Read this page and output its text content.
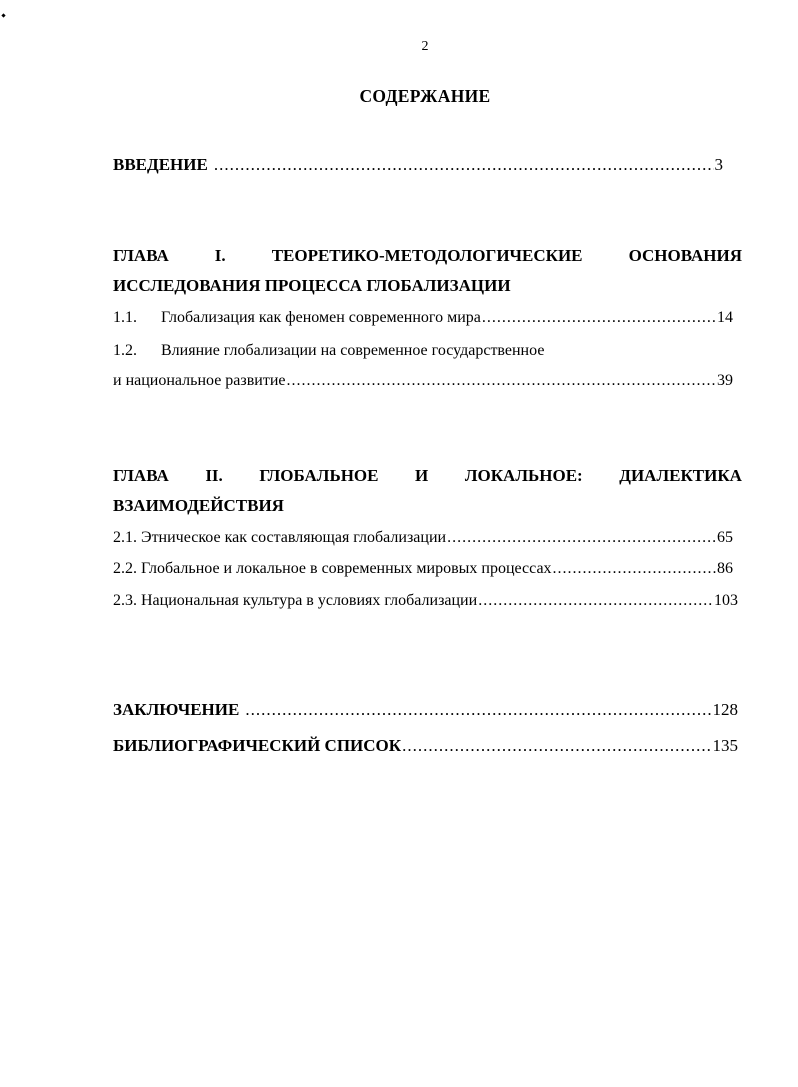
2
СОДЕРЖАНИЕ
ВВЕДЕНИЕ .....	3
ГЛАВА	I.	ТЕОРЕТИКО-МЕТОДОЛОГИЧЕСКИЕ	ОСНОВАНИЯ
ИССЛЕДОВАНИЯ ПРОЦЕССА ГЛОБАЛИЗАЦИИ
1.1. Глобализация как феномен современного мира .....	14
1.2. Влияние глобализации на современное государственное
и национальное развитие .....	39
ГЛАВА II. ГЛОБАЛЬНОЕ И ЛОКАЛЬНОЕ: ДИАЛЕКТИКА
ВЗАИМОДЕЙСТВИЯ
2.1. Этническое как составляющая глобализации .....	65
2.2. Глобальное и локальное в современных мировых процессах .....	86
2.3. Национальная культура в условиях глобализации .....	103
ЗАКЛЮЧЕНИЕ .....	128
БИБЛИОГРАФИЧЕСКИЙ СПИСОК .....	135
